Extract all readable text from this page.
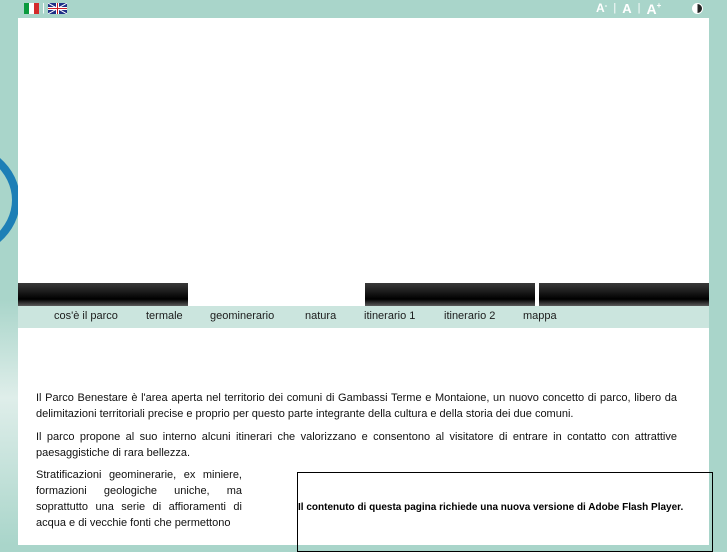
|	A- | A | A+
cos'è il parco	termale geominerario	natura	itinerario 1	itinerario 2	mappa

Il Parco Benestare è l'area aperta nel territorio dei comuni di Gambassi Terme e Montaione, un nuovo concetto di parco, libero da delimitazioni territoriali precise e proprio per questo parte integrante della cultura e della storia dei due comuni.

Il parco propone al suo interno alcuni itinerari che valorizzano e consentono al visitatore di entrare in contatto con attrattive paesaggistiche di rara bellezza.

Stratificazioni geominerarie, ex miniere, formazioni geologiche uniche, ma soprattutto una serie di affioramenti di acqua e di vecchie fonti che permettono

Il contenuto di questa pagina richiede una nuova versione di Adobe Flash Player.
